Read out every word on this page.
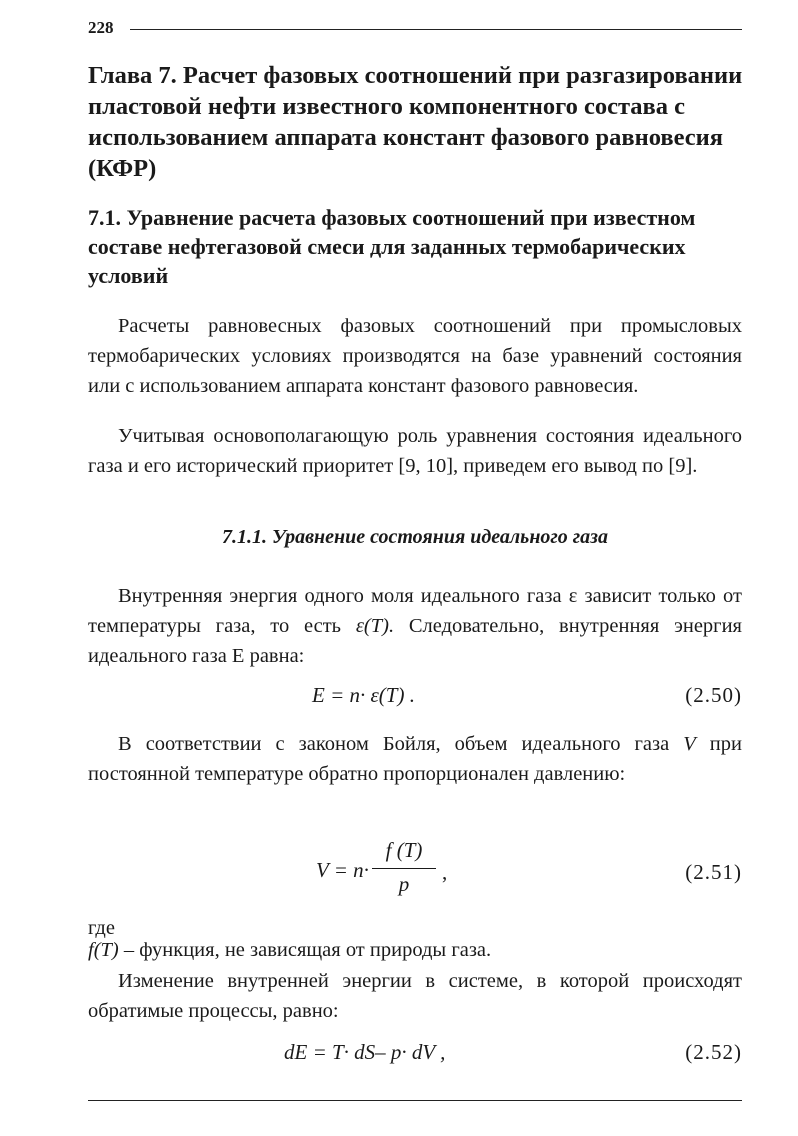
228
Глава 7. Расчет фазовых соотношений при разгазировании пластовой нефти известного компонентного состава с использованием аппарата констант фазового равновесия (КФР)
7.1. Уравнение расчета фазовых соотношений при известном составе нефтегазовой смеси для заданных термобарических условий

Расчеты равновесных фазовых соотношений при промысловых термобарических условиях производятся на базе уравнений состояния или с использованием аппарата констант фазового равновесия.

Учитывая основополагающую роль уравнения состояния идеального газа и его исторический приоритет [9, 10], приведем его вывод по [9].

7.1.1. Уравнение состояния идеального газа

Внутренняя энергия одного моля идеального газа ε зависит только от температуры газа, то есть ε(T). Следовательно, внутренняя энергия идеального газа Е равна:

E = n· ε(T) .	(2.50)

В соответствии с законом Бойля, объем идеального газа V при постоянной температуре обратно пропорционален давлению:

V = n·
f (T)
p	,	(2.51)

где

f(T) – функция, не зависящая от природы газа.

Изменение внутренней энергии в системе, в которой происходят обратимые процессы, равно:

dE = T· dS– p· dV ,	(2.52)
